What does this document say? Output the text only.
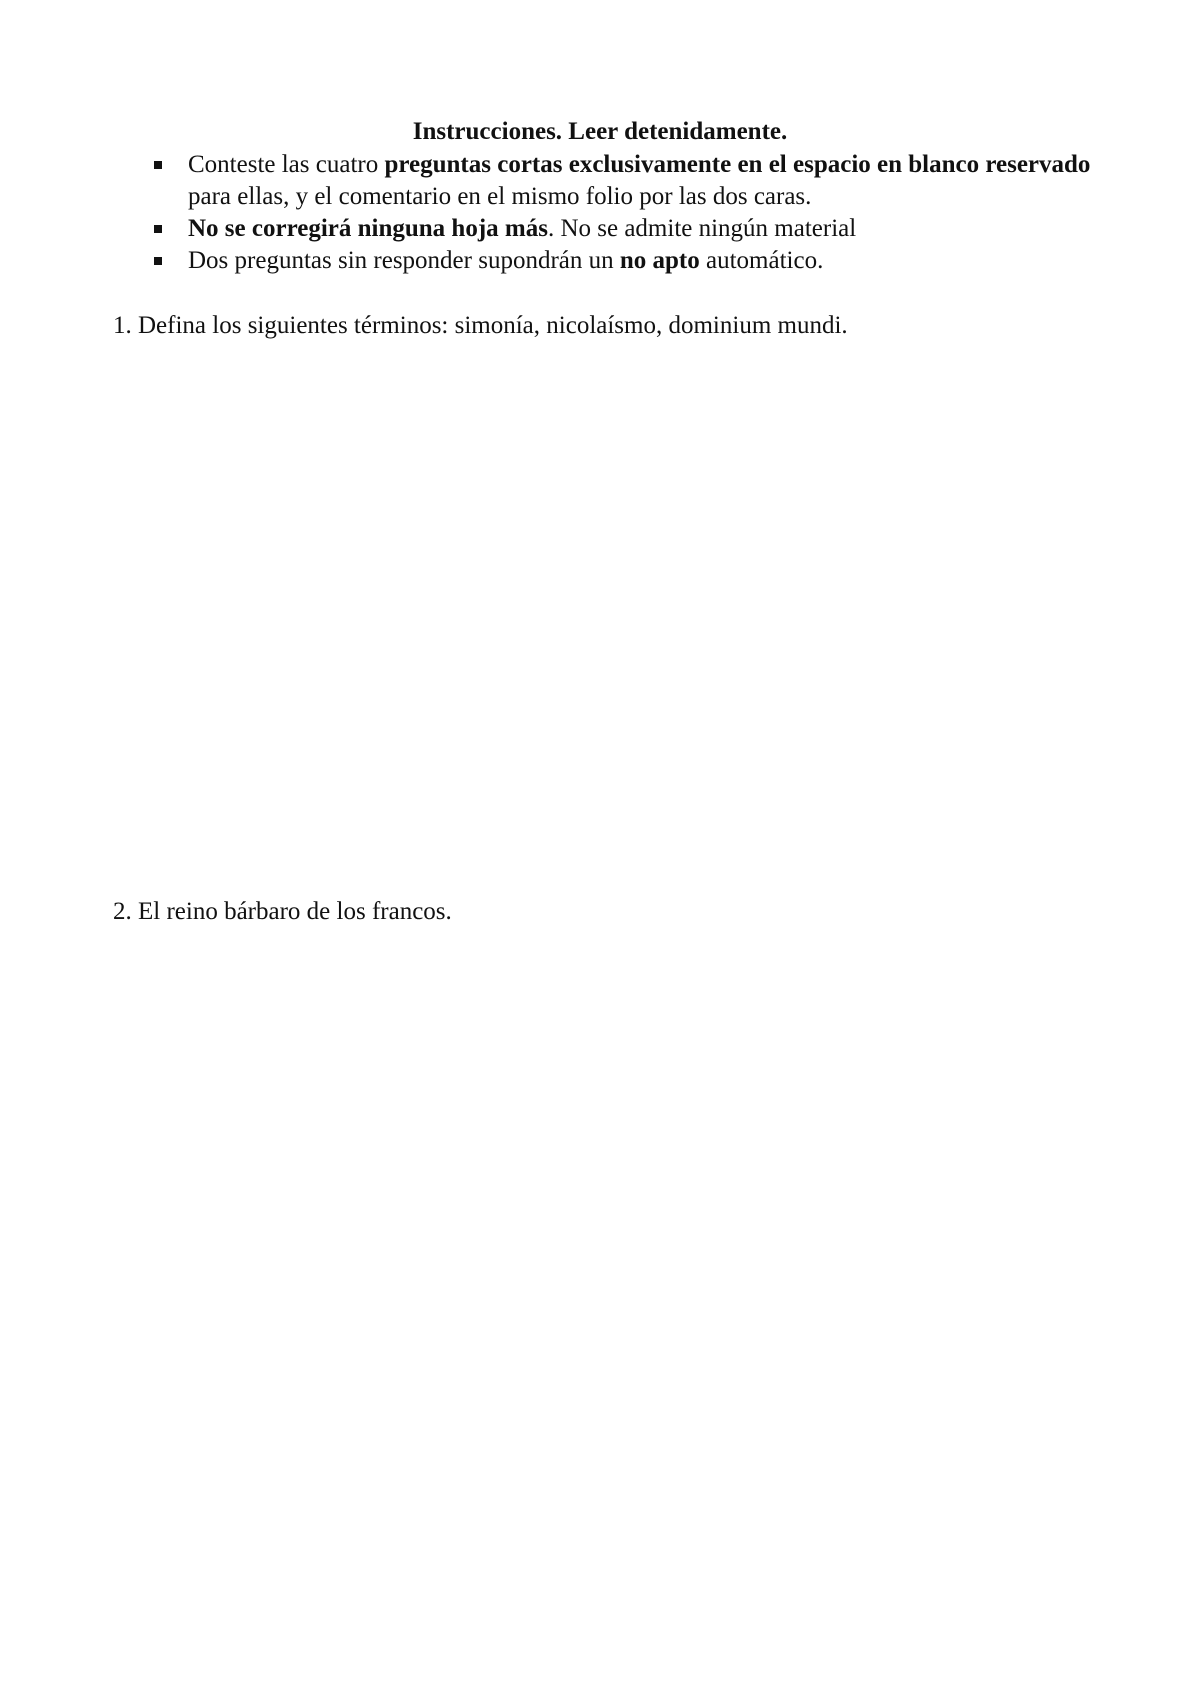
Instrucciones. Leer detenidamente.
Conteste las cuatro preguntas cortas exclusivamente en el espacio en blanco reservado para ellas, y el comentario en el mismo folio por las dos caras.
No se corregirá ninguna hoja más. No se admite ningún material
Dos preguntas sin responder supondrán un no apto automático.

1. Defina los siguientes términos: simonía, nicolaísmo, dominium mundi.

2. El reino bárbaro de los francos.
